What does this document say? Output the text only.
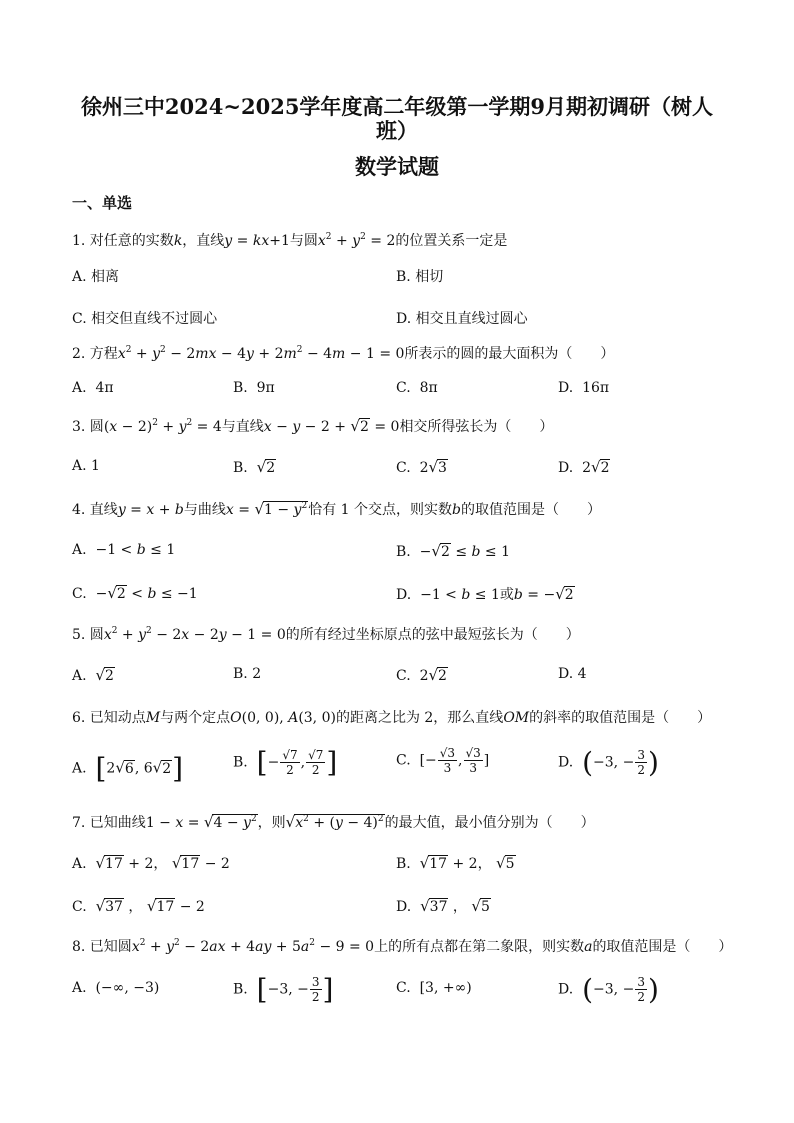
徐州三中2024~2025学年度高二年级第一学期9月期初调研（树人
班）
数学试题
一、单选
1. 对任意的实数k，直线y = kx+1与圆$x^2 + y^2 = 2$的位置关系一定是
A. 相离	B. 相切
C. 相交但直线不过圆心	D. 相交且直线过圆心
2. 方程$x^2 + y^2 - 2mx - 4y + 2m^2 - 4m - 1 = 0$所表示的圆的最大面积为（　　）
A.  4π	B.  9π	C.  8π	D.  16π
3. 圆$(x - 2)^2 + y^2 = 4$与直线x − y − 2 + √2 = 0相交所得弦长为（　　）
A. 1	B. √2	C.  2√3	D.  2√2
4. 直线y = x + b与曲线$x = √1 - y^2$恰有 1 个交点，则实数b的取值范围是（　　）
A.  −1 < b ≤ 1	B.  −√2 ≤ b ≤ 1
C.  −√2 < b ≤ −1	D.  −1 < b ≤ 1或b = −√2
5. 圆$x^2 + y^2 - 2x - 2y - 1 = 0$的所有经过坐标原点的弦中最短弦长为（　　）
A. √2	B. 2	C.  2√2	D. 4
6. 已知动点M与两个定点O(0, 0), A(3, 0)的距离之比为 2，那么直线OM的斜率的取值范围是（　　）
A. [2√6, 6√2]	B. [− $\frac{√7}{2}$ , $\frac{√7}{2}$ ]	C.  [− $\frac{√3}{3}$ , $\frac{√3}{3}$ ]	D. (−3, − $\frac{3}{2}$ )
7. 已知曲线$1 - x = √4 - y^2$，则$√x^2 + (y - 4)^2$的最大值，最小值分别为（　　）
A. √17 + 2， √17 − 2	B. √17 + 2， √5
C. √37 ， √17 − 2	D. √37 ， √5
8. 已知圆$x^2 + y^2 - 2ax + 4ay + 5a^2 - 9 = 0$上的所有点都在第二象限，则实数a的取值范围是（　　）
A.  (−∞, −3)	B. [−3, − $\frac{3}{2}$ ]	C.  [3, +∞)	D. (−3, − $\frac{3}{2}$ )
